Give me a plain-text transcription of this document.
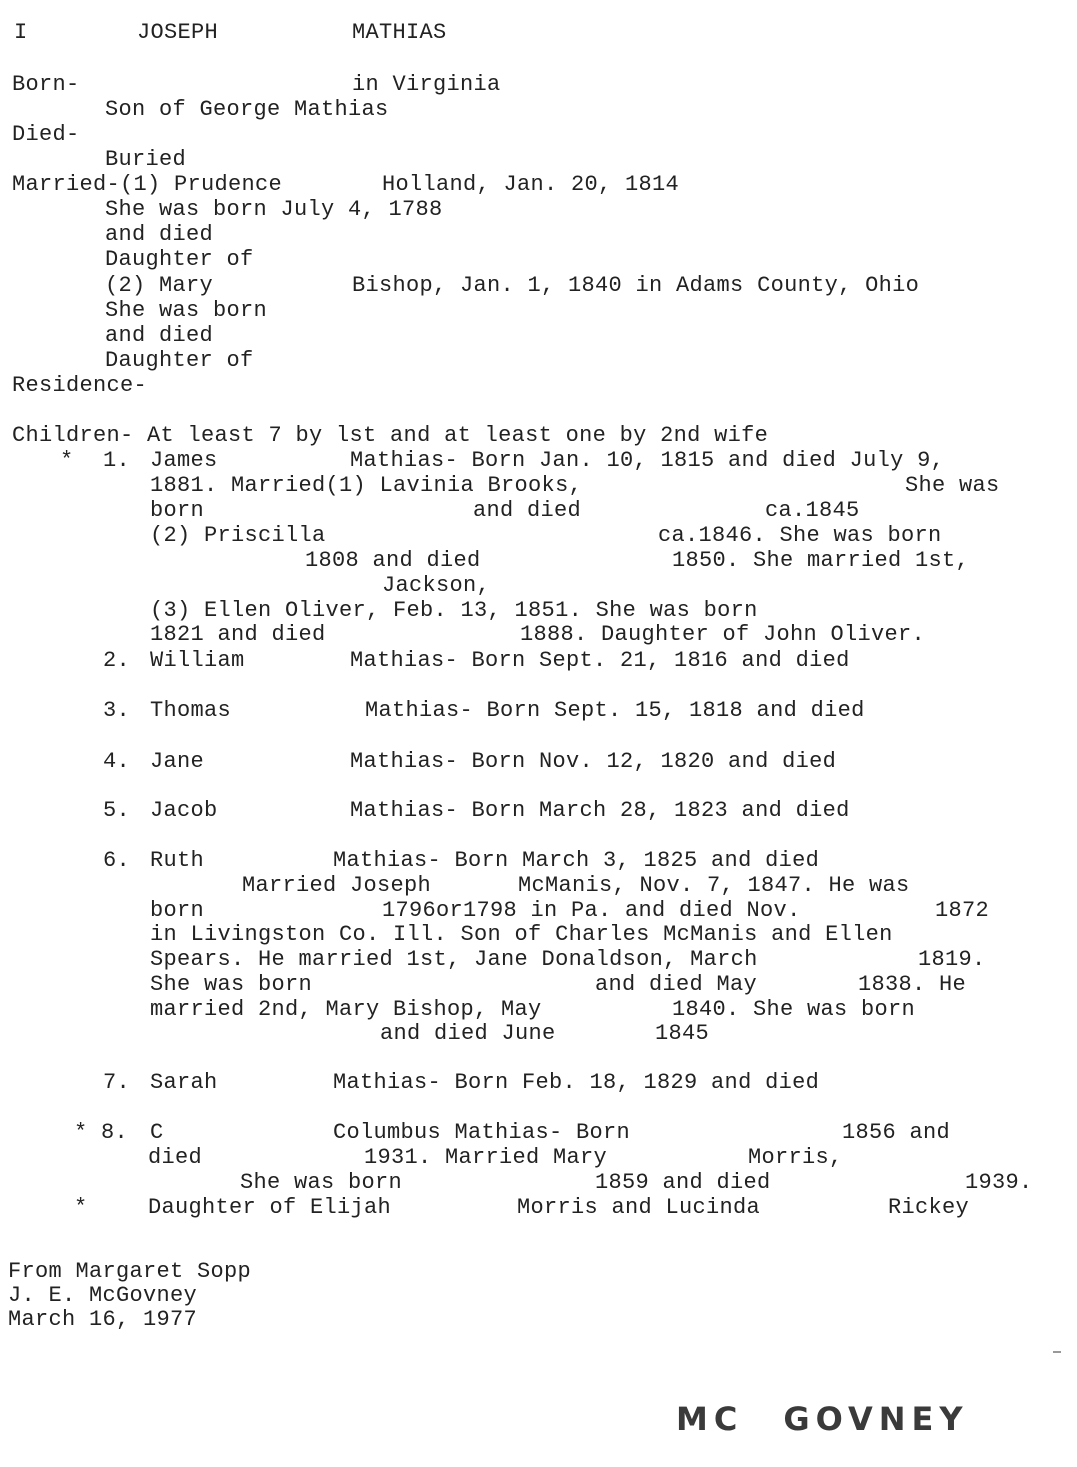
I	JOSEPH	MATHIAS
Born-	in Virginia
Son of George Mathias
Died-
Buried
Married-(1) Prudence	Holland, Jan. 20, 1814
She was born July 4, 1788
and died
Daughter of
(2) Mary	Bishop, Jan. 1, 1840 in Adams County, Ohio
She was born
and died
Daughter of
Residence-
Children- At least 7 by lst and at least one by 2nd wife
* 1. James	Mathias- Born Jan. 10, 1815 and died July 9,
1881. Married(1) Lavinia Brooks,	She was
born	and died	ca.1845
(2) Priscilla	ca.1846. She was born
1808 and died	1850. She married 1st,
Jackson,
(3) Ellen Oliver, Feb. 13, 1851. She was born
1821 and died	1888. Daughter of John Oliver.
2. William	Mathias- Born Sept. 21, 1816 and died
3. Thomas	Mathias- Born Sept. 15, 1818 and died
4. Jane	Mathias- Born Nov. 12, 1820 and died
5. Jacob	Mathias- Born March 28, 1823 and died
6. Ruth	Mathias- Born March 3, 1825 and died
Married Joseph	McManis, Nov. 7, 1847. He was
born	1796or1798 in Pa. and died Nov.	1872
in Livingston Co. Ill. Son of Charles McManis and Ellen
Spears. He married 1st, Jane Donaldson, March	1819.
She was born	and died May	1838. He
married 2nd, Mary Bishop, May	1840. She was born
and died June	1845
7. Sarah	Mathias- Born Feb. 18, 1829 and died
* 8. C	Columbus Mathias- Born	1856 and
died	1931. Married Mary	Morris,
She was born	1859 and died	1939.
*	Daughter of Elijah	Morris and Lucinda	Rickey
From Margaret Sopp
J. E. McGovney
March 16, 1977
MC GOVNEY
